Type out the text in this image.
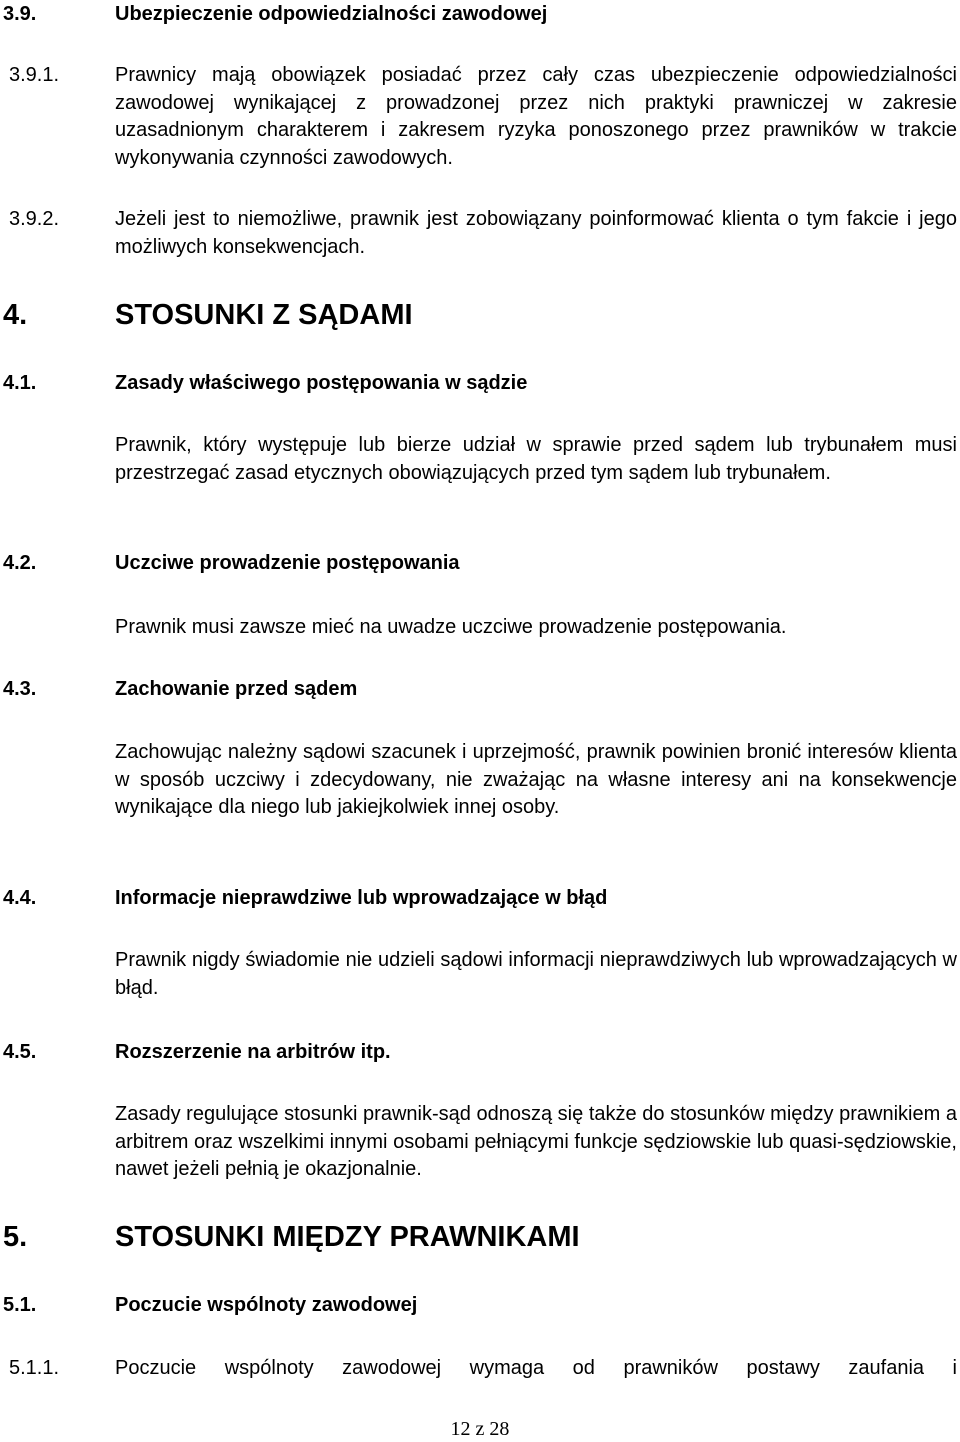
3.9.	Ubezpieczenie odpowiedzialności zawodowej
3.9.1.	Prawnicy mają obowiązek posiadać przez cały czas ubezpieczenie odpowiedzialności zawodowej wynikającej z prowadzonej przez nich praktyki prawniczej w zakresie uzasadnionym charakterem i zakresem ryzyka ponoszonego przez prawników w trakcie wykonywania czynności zawodowych.
3.9.2.	Jeżeli jest to niemożliwe, prawnik jest zobowiązany poinformować klienta o tym fakcie i jego możliwych konsekwencjach.
4.	STOSUNKI Z SĄDAMI
4.1.	Zasady właściwego postępowania w sądzie
Prawnik, który występuje lub bierze udział w sprawie przed sądem lub trybunałem musi przestrzegać zasad etycznych obowiązujących przed tym sądem lub trybunałem.
4.2.	Uczciwe prowadzenie postępowania
Prawnik musi zawsze mieć na uwadze uczciwe prowadzenie postępowania.
4.3.	Zachowanie przed sądem
Zachowując należny sądowi szacunek i uprzejmość, prawnik powinien bronić interesów klienta w sposób uczciwy i zdecydowany, nie zważając na własne interesy ani na konsekwencje wynikające dla niego lub jakiejkolwiek innej osoby.
4.4.	Informacje nieprawdziwe lub wprowadzające w błąd
Prawnik nigdy świadomie nie udzieli sądowi informacji nieprawdziwych lub wprowadzających w błąd.
4.5.	Rozszerzenie na arbitrów itp.
Zasady regulujące stosunki prawnik-sąd odnoszą się także do stosunków między prawnikiem a arbitrem oraz wszelkimi innymi osobami pełniącymi funkcje sędziowskie lub quasi-sędziowskie, nawet jeżeli pełnią je okazjonalnie.
5.	STOSUNKI MIĘDZY PRAWNIKAMI
5.1.	Poczucie wspólnoty zawodowej
5.1.1.	Poczucie wspólnoty zawodowej wymaga od prawników postawy zaufania i
12 z 28
